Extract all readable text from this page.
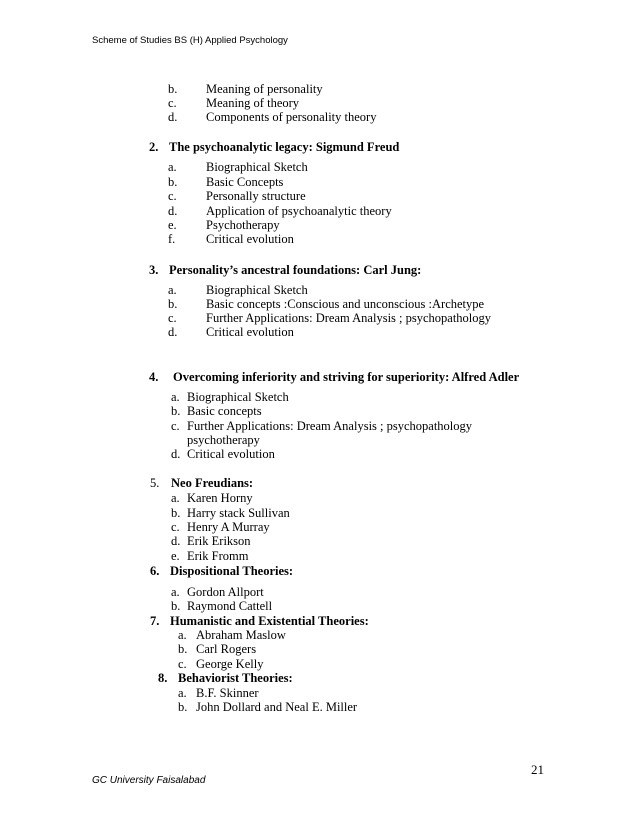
Scheme of Studies BS (H) Applied Psychology
b. Meaning of personality
c. Meaning of theory
d. Components of personality theory
2. The psychoanalytic legacy: Sigmund Freud
a. Biographical Sketch
b. Basic Concepts
c. Personally structure
d. Application of psychoanalytic theory
e. Psychotherapy
f. Critical evolution
3. Personality’s ancestral foundations: Carl Jung:
a. Biographical Sketch
b. Basic concepts :Conscious and unconscious :Archetype
c. Further Applications: Dream Analysis ; psychopathology
d. Critical evolution
4. Overcoming inferiority and striving for superiority: Alfred Adler
a. Biographical Sketch
b. Basic concepts
c. Further Applications: Dream Analysis ; psychopathology
psychotherapy
d. Critical evolution
5. Neo Freudians:
a. Karen Horny
b. Harry stack Sullivan
c. Henry A Murray
d. Erik Erikson
e. Erik Fromm
6. Dispositional Theories:
a. Gordon Allport
b. Raymond Cattell
7. Humanistic and Existential Theories:
a. Abraham Maslow
b. Carl Rogers
c. George Kelly
8. Behaviorist Theories:
a. B.F. Skinner
b. John Dollard and Neal E. Miller
21
GC University Faisalabad
